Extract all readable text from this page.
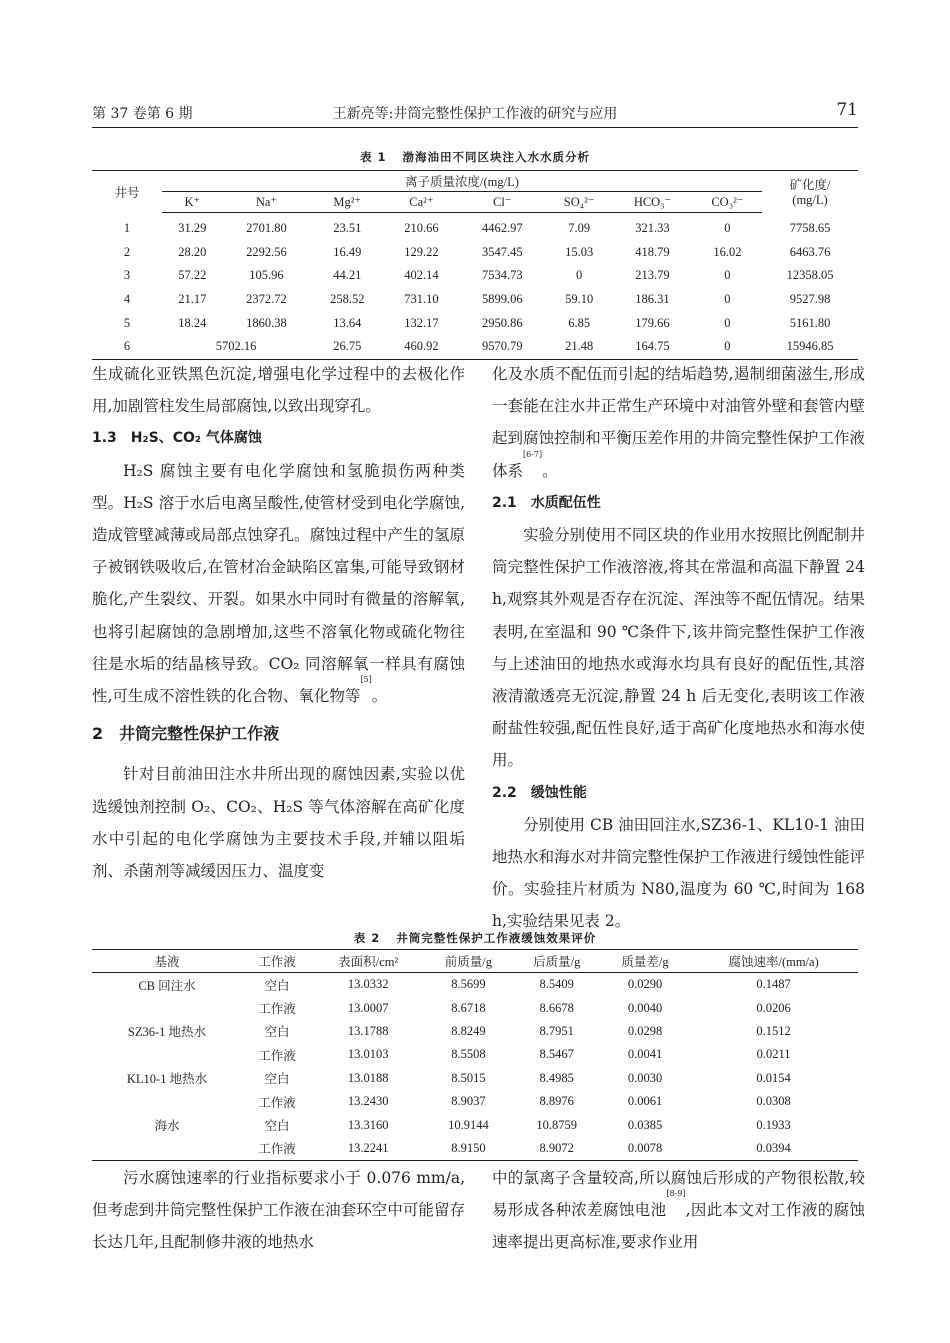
第 37 卷第 6 期	王新亮等:井筒完整性保护工作液的研究与应用	71
表 1 渤海油田不同区块注入水水质分析
井号	离子质量浓度/(mg/L)								矿化度/
(mg/L)
	K⁺	Na⁺	Mg²⁺	Ca²⁺	Cl⁻	SO₄²⁻	HCO₃⁻	CO₃²⁻	
1	31.29	2701.80	23.51	210.66	4462.97	7.09	321.33	0	7758.65
2	28.20	2292.56	16.49	129.22	3547.45	15.03	418.79	16.02	6463.76
3	57.22	105.96	44.21	402.14	7534.73	0	213.79	0	12358.05
4	21.17	2372.72	258.52	731.10	5899.06	59.10	186.31	0	9527.98
5	18.24	1860.38	13.64	132.17	2950.86	6.85	179.66	0	5161.80
6	5702.16		26.75	460.92	9570.79	21.48	164.75	0	15946.85

生成硫化亚铁黑色沉淀,增强电化学过程中的去极化作用,加剧管柱发生局部腐蚀,以致出现穿孔。

1.3　H₂S、CO₂ 气体腐蚀

H₂S 腐蚀主要有电化学腐蚀和氢脆损伤两种类型。H₂S 溶于水后电离呈酸性,使管材受到电化学腐蚀,造成管壁减薄或局部点蚀穿孔。腐蚀过程中产生的氢原子被钢铁吸收后,在管材冶金缺陷区富集,可能导致钢材脆化,产生裂纹、开裂。如果水中同时有微量的溶解氧,也将引起腐蚀的急剧增加,这些不溶氧化物或硫化物往往是水垢的结晶核导致。CO₂ 同溶解氧一样具有腐蚀性,可生成不溶性铁的化合物、氧化物等[5]。

2　井筒完整性保护工作液

针对目前油田注水井所出现的腐蚀因素,实验以优选缓蚀剂控制 O₂、CO₂、H₂S 等气体溶解在高矿化度水中引起的电化学腐蚀为主要技术手段,并辅以阻垢剂、杀菌剂等减缓因压力、温度变

化及水质不配伍而引起的结垢趋势,遏制细菌滋生,形成一套能在注水井正常生产环境中对油管外壁和套管内壁起到腐蚀控制和平衡压差作用的井筒完整性保护工作液体系[6-7]。

2.1　水质配伍性

实验分别使用不同区块的作业用水按照比例配制井筒完整性保护工作液溶液,将其在常温和高温下静置 24 h,观察其外观是否存在沉淀、浑浊等不配伍情况。结果表明,在室温和 90 ℃条件下,该井筒完整性保护工作液与上述油田的地热水或海水均具有良好的配伍性,其溶液清澈透亮无沉淀,静置 24 h 后无变化,表明该工作液耐盐性较强,配伍性良好,适于高矿化度地热水和海水使用。

2.2　缓蚀性能

分别使用 CB 油田回注水,SZ36-1、KL10-1 油田地热水和海水对井筒完整性保护工作液进行缓蚀性能评价。实验挂片材质为 N80,温度为 60 ℃,时间为 168 h,实验结果见表 2。

表 2 井筒完整性保护工作液缓蚀效果评价
基液	工作液	表面积/cm²	前质量/g	后质量/g	质量差/g	腐蚀速率/(mm/a)
CB 回注水	空白	13.0332	8.5699	8.5409	0.0290	0.1487
	工作液	13.0007	8.6718	8.6678	0.0040	0.0206
SZ36-1 地热水	空白	13.1788	8.8249	8.7951	0.0298	0.1512
	工作液	13.0103	8.5508	8.5467	0.0041	0.0211
KL10-1 地热水	空白	13.0188	8.5015	8.4985	0.0030	0.0154
	工作液	13.2430	8.9037	8.8976	0.0061	0.0308
海水	空白	13.3160	10.9144	10.8759	0.0385	0.1933
	工作液	13.2241	8.9150	8.9072	0.0078	0.0394

污水腐蚀速率的行业指标要求小于 0.076 mm/a,但考虑到井筒完整性保护工作液在油套环空中可能留存长达几年,且配制修井液的地热水

中的氯离子含量较高,所以腐蚀后形成的产物很松散,较易形成各种浓差腐蚀电池[8-9],因此本文对工作液的腐蚀速率提出更高标准,要求作业用
